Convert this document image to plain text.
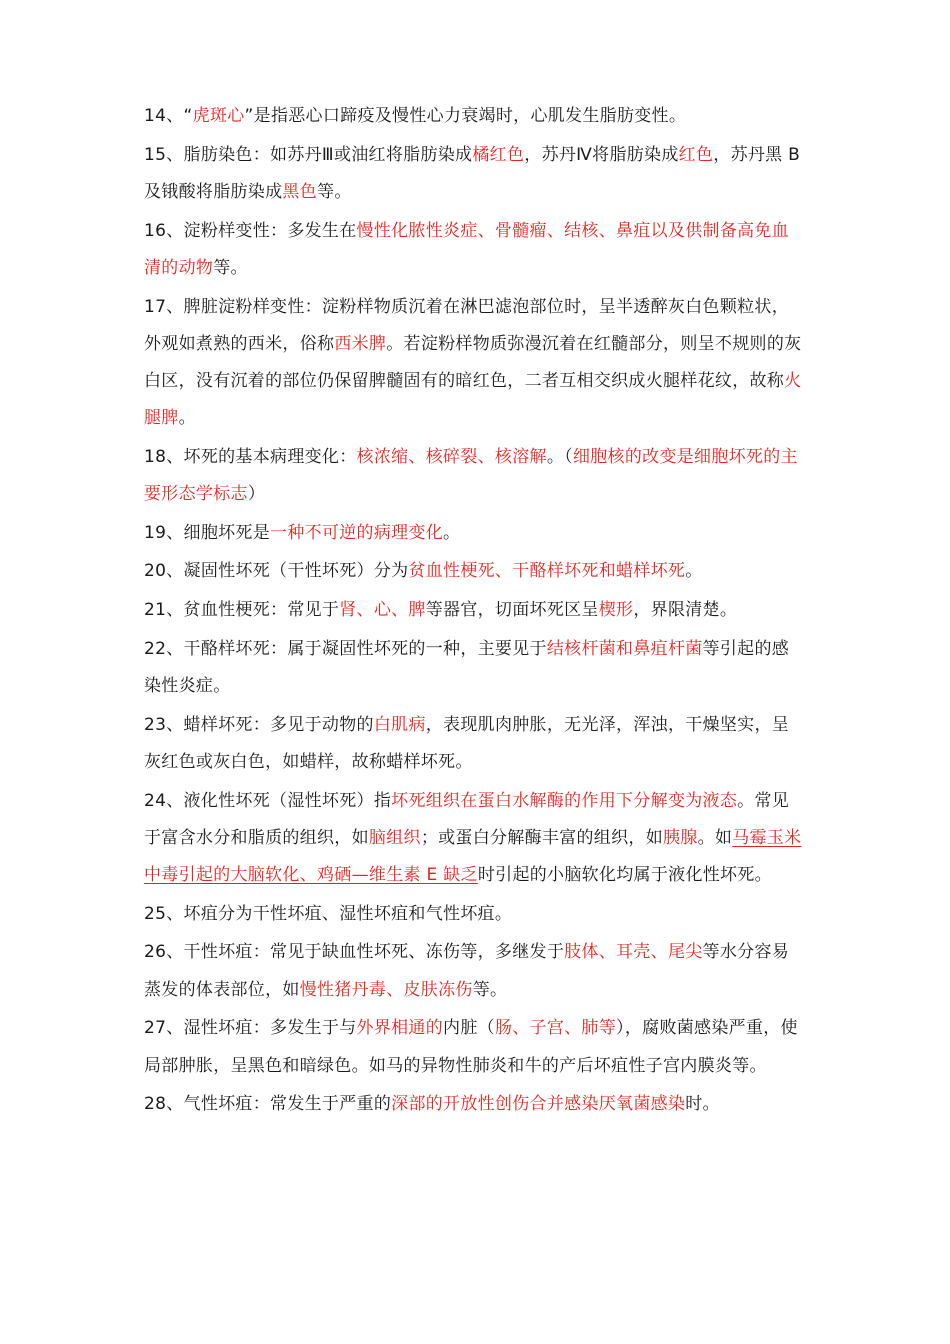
14、“虎斑心”是指恶心口蹄疫及慢性心力衰竭时，心肌发生脂肪变性。

15、脂肪染色：如苏丹Ⅲ或油红将脂肪染成橘红色，苏丹Ⅳ将脂肪染成红色，苏丹黑 B 及锇酸将脂肪染成黑色等。

16、淀粉样变性：多发生在慢性化脓性炎症、骨髓瘤、结核、鼻疽以及供制备高免血清的动物等。

17、脾脏淀粉样变性：淀粉样物质沉着在淋巴滤泡部位时，呈半透醉灰白色颗粒状，外观如煮熟的西米，俗称西米脾。若淀粉样物质弥漫沉着在红髓部分，则呈不规则的灰白区，没有沉着的部位仍保留脾髓固有的暗红色，二者互相交织成火腿样花纹，故称火腿脾。

18、坏死的基本病理变化：核浓缩、核碎裂、核溶解。（细胞核的改变是细胞坏死的主要形态学标志）

19、细胞坏死是一种不可逆的病理变化。

20、凝固性坏死（干性坏死）分为贫血性梗死、干酪样坏死和蜡样坏死。

21、贫血性梗死：常见于肾、心、脾等器官，切面坏死区呈楔形，界限清楚。

22、干酪样坏死：属于凝固性坏死的一种，主要见于结核杆菌和鼻疽杆菌等引起的感染性炎症。

23、蜡样坏死：多见于动物的白肌病，表现肌肉肿胀，无光泽，浑浊，干燥坚实，呈灰红色或灰白色，如蜡样，故称蜡样坏死。

24、液化性坏死（湿性坏死）指坏死组织在蛋白水解酶的作用下分解变为液态。常见于富含水分和脂质的组织，如脑组织；或蛋白分解酶丰富的组织，如胰腺。如马霉玉米中毒引起的大脑软化、鸡硒—维生素 E 缺乏时引起的小脑软化均属于液化性坏死。

25、坏疽分为干性坏疽、湿性坏疽和气性坏疽。

26、干性坏疽：常见于缺血性坏死、冻伤等，多继发于肢体、耳壳、尾尖等水分容易蒸发的体表部位，如慢性猪丹毒、皮肤冻伤等。

27、湿性坏疽：多发生于与外界相通的内脏（肠、子宫、肺等），腐败菌感染严重，使局部肿胀，呈黑色和暗绿色。如马的异物性肺炎和牛的产后坏疽性子宫内膜炎等。

28、气性坏疽：常发生于严重的深部的开放性创伤合并感染厌氧菌感染时。
